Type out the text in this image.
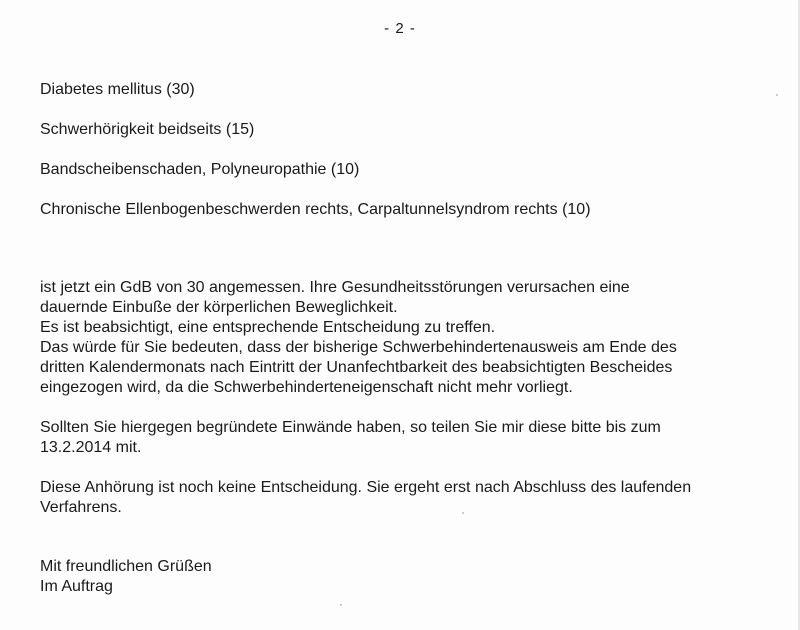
- 2 -
Diabetes mellitus (30)
Schwerhörigkeit beidseits (15)
Bandscheibenschaden, Polyneuropathie (10)
Chronische Ellenbogenbeschwerden rechts, Carpaltunnelsyndrom rechts (10)
ist jetzt ein GdB von 30 angemessen. Ihre Gesundheitsstörungen verursachen eine
dauernde Einbuße der körperlichen Beweglichkeit.
Es ist beabsichtigt, eine entsprechende Entscheidung zu treffen.
Das würde für Sie bedeuten, dass der bisherige Schwerbehindertenausweis am Ende des
dritten Kalendermonats nach Eintritt der Unanfechtbarkeit des beabsichtigten Bescheides
eingezogen wird, da die Schwerbehinderteneigenschaft nicht mehr vorliegt.
Sollten Sie hiergegen begründete Einwände haben, so teilen Sie mir diese bitte bis zum
13.2.2014 mit.
Diese Anhörung ist noch keine Entscheidung. Sie ergeht erst nach Abschluss des laufenden
Verfahrens.
Mit freundlichen Grüßen
Im Auftrag
